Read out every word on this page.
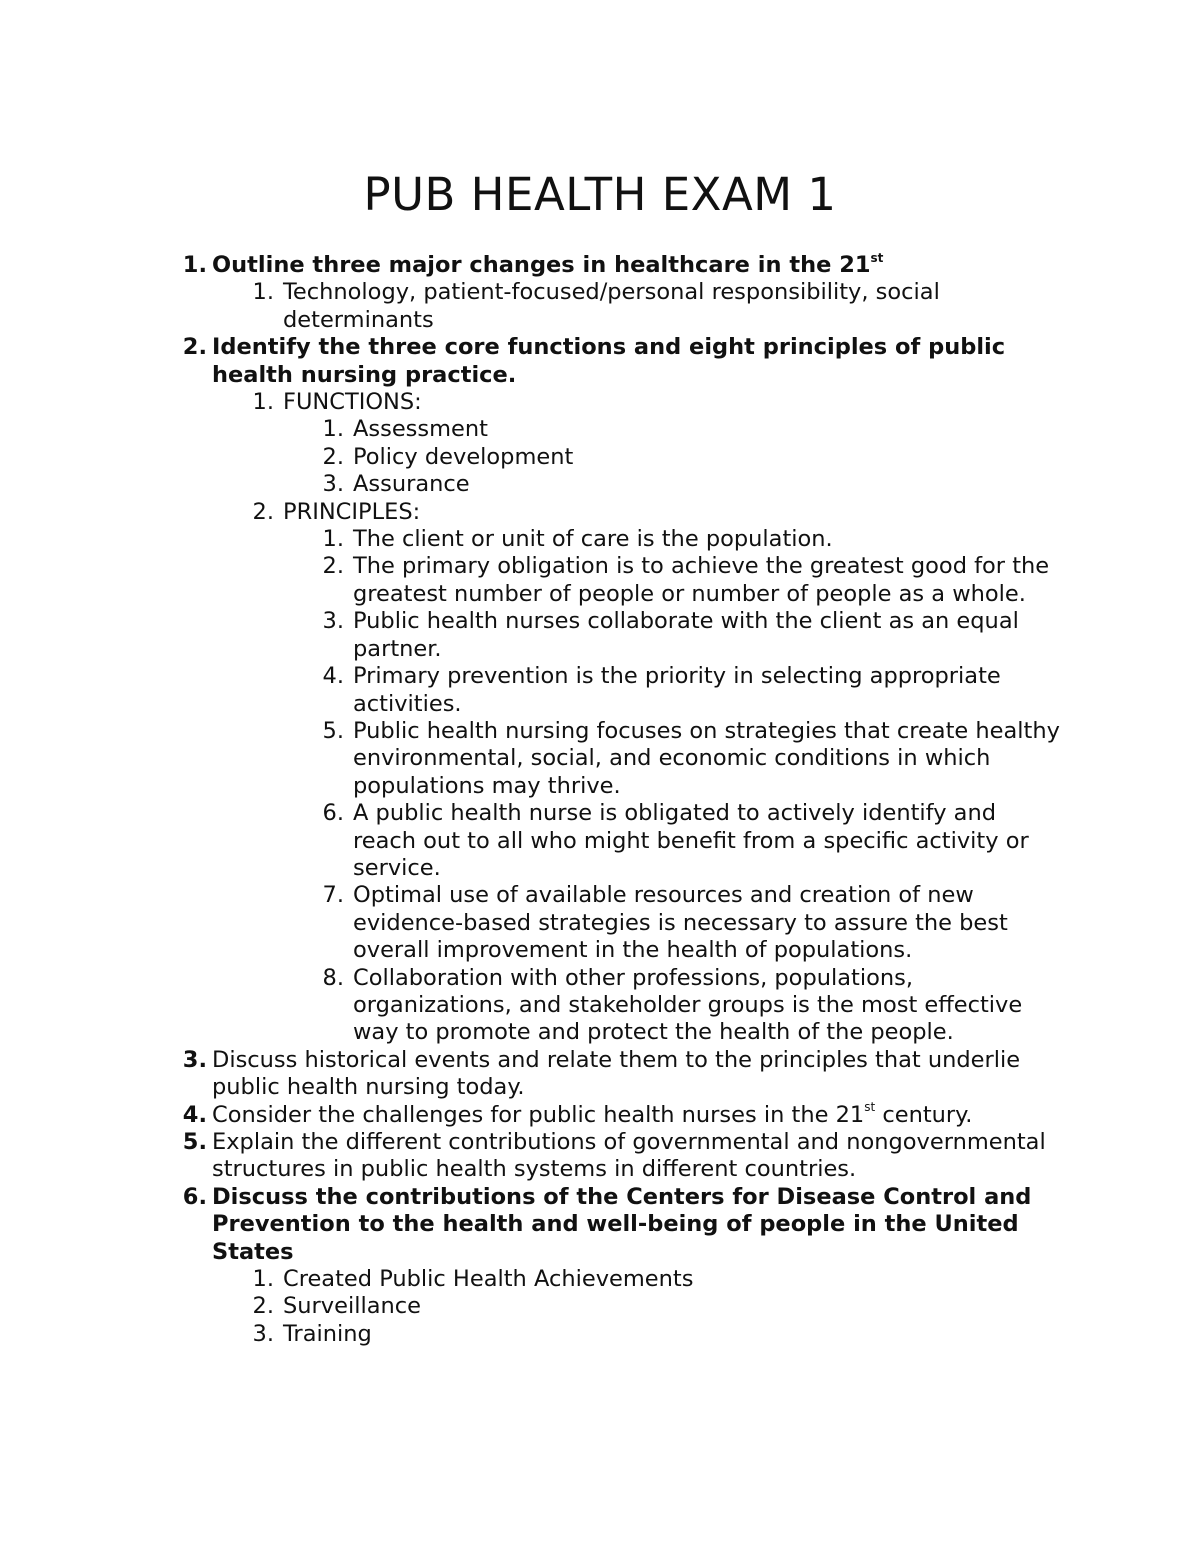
PUB HEALTH EXAM 1
1. Outline three major changes in healthcare in the 21st
1. Technology, patient-focused/personal responsibility, social determinants
2. Identify the three core functions and eight principles of public health nursing practice.
1. FUNCTIONS:
1. Assessment
2. Policy development
3. Assurance
2. PRINCIPLES:
1. The client or unit of care is the population.
2. The primary obligation is to achieve the greatest good for the greatest number of people or number of people as a whole.
3. Public health nurses collaborate with the client as an equal partner.
4. Primary prevention is the priority in selecting appropriate activities.
5. Public health nursing focuses on strategies that create healthy environmental, social, and economic conditions in which populations may thrive.
6. A public health nurse is obligated to actively identify and reach out to all who might benefit from a specific activity or service.
7. Optimal use of available resources and creation of new evidence-based strategies is necessary to assure the best overall improvement in the health of populations.
8. Collaboration with other professions, populations, organizations, and stakeholder groups is the most effective way to promote and protect the health of the people.
3. Discuss historical events and relate them to the principles that underlie public health nursing today.
4. Consider the challenges for public health nurses in the 21st century.
5. Explain the different contributions of governmental and nongovernmental structures in public health systems in different countries.
6. Discuss the contributions of the Centers for Disease Control and Prevention to the health and well-being of people in the United States
1. Created Public Health Achievements
2. Surveillance
3. Training
